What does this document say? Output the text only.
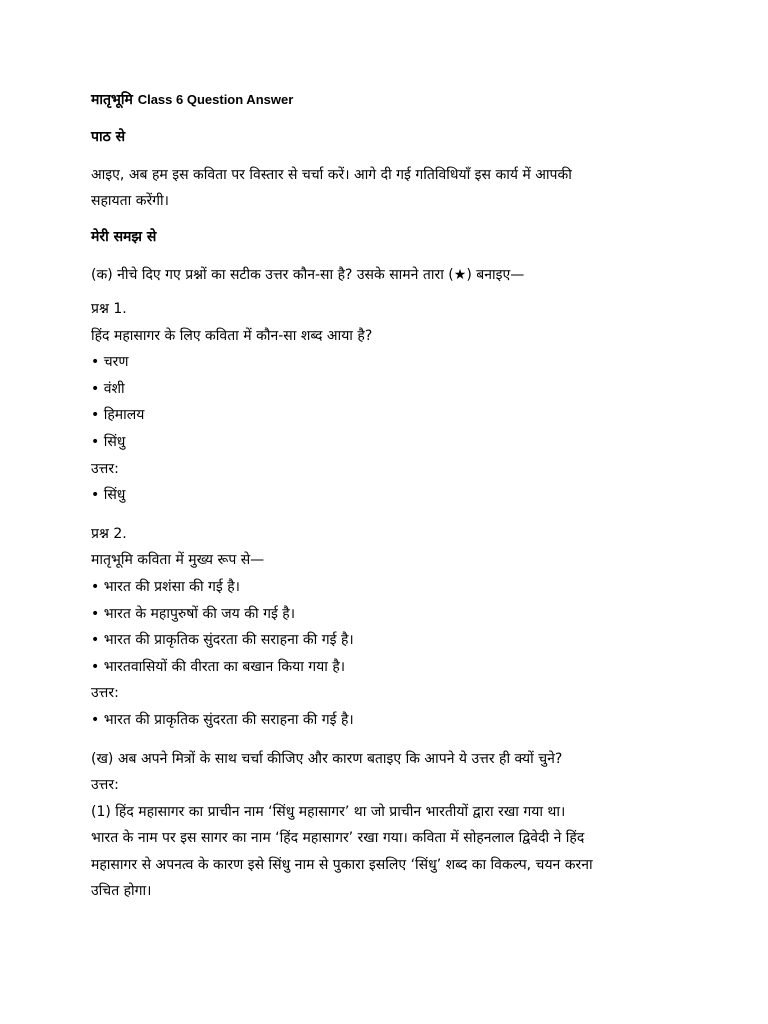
मातृभूमि Class 6 Question Answer
पाठ से
आइए, अब हम इस कविता पर विस्तार से चर्चा करें। आगे दी गई गतिविधियाँ इस कार्य में आपकी
सहायता करेंगी।
मेरी समझ से
(क) नीचे दिए गए प्रश्नों का सटीक उत्तर कौन-सा है? उसके सामने तारा (★) बनाइए—
प्रश्न 1.
हिंद महासागर के लिए कविता में कौन-सा शब्द आया है?
• चरण
• वंशी
• हिमालय
• सिंधु
उत्तर:
• सिंधु
प्रश्न 2.
मातृभूमि कविता में मुख्य रूप से—
• भारत की प्रशंसा की गई है।
• भारत के महापुरुषों की जय की गई है।
• भारत की प्राकृतिक सुंदरता की सराहना की गई है।
• भारतवासियों की वीरता का बखान किया गया है।
उत्तर:
• भारत की प्राकृतिक सुंदरता की सराहना की गई है।
(ख) अब अपने मित्रों के साथ चर्चा कीजिए और कारण बताइए कि आपने ये उत्तर ही क्यों चुने?
उत्तर:
(1) हिंद महासागर का प्राचीन नाम ‘सिंधु महासागर’ था जो प्राचीन भारतीयों द्वारा रखा गया था।
भारत के नाम पर इस सागर का नाम ‘हिंद महासागर’ रखा गया। कविता में सोहनलाल द्विवेदी ने हिंद
महासागर से अपनत्व के कारण इसे सिंधु नाम से पुकारा इसलिए ‘सिंधु’ शब्द का विकल्प, चयन करना
उचित होगा।
